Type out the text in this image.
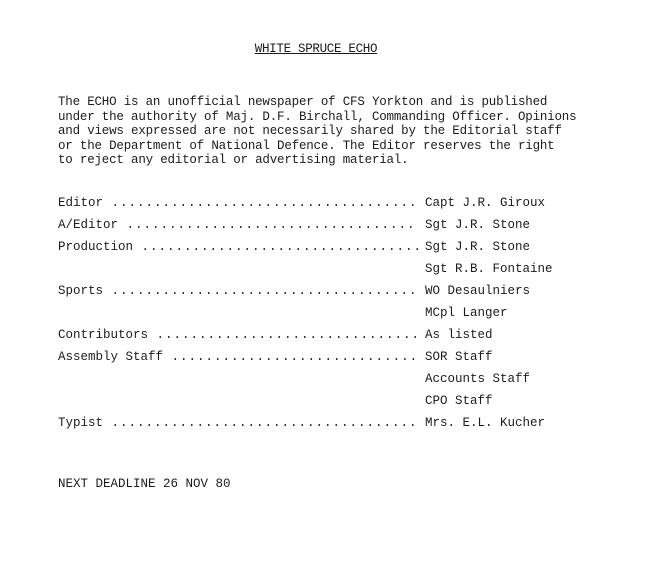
WHITE SPRUCE ECHO
The ECHO is an unofficial newspaper of CFS Yorkton and is published
under the authority of Maj. D.F. Birchall, Commanding Officer. Opinions
and views expressed are not necessarily shared by the Editorial staff
or the Department of National Defence. The Editor reserves the right
to reject any editorial or advertising material.
Editor .....	Capt J.R. Giroux
A/Editor .....	Sgt J.R. Stone
Production .....	Sgt J.R. Stone
Sgt R.B. Fontaine
Sports .....	WO Desaulniers
MCpl Langer
Contributors .....	As listed
Assembly Staff .....	SOR Staff
Accounts Staff
CPO Staff
Typist .....	Mrs. E.L. Kucher
NEXT DEADLINE 26 NOV 80
